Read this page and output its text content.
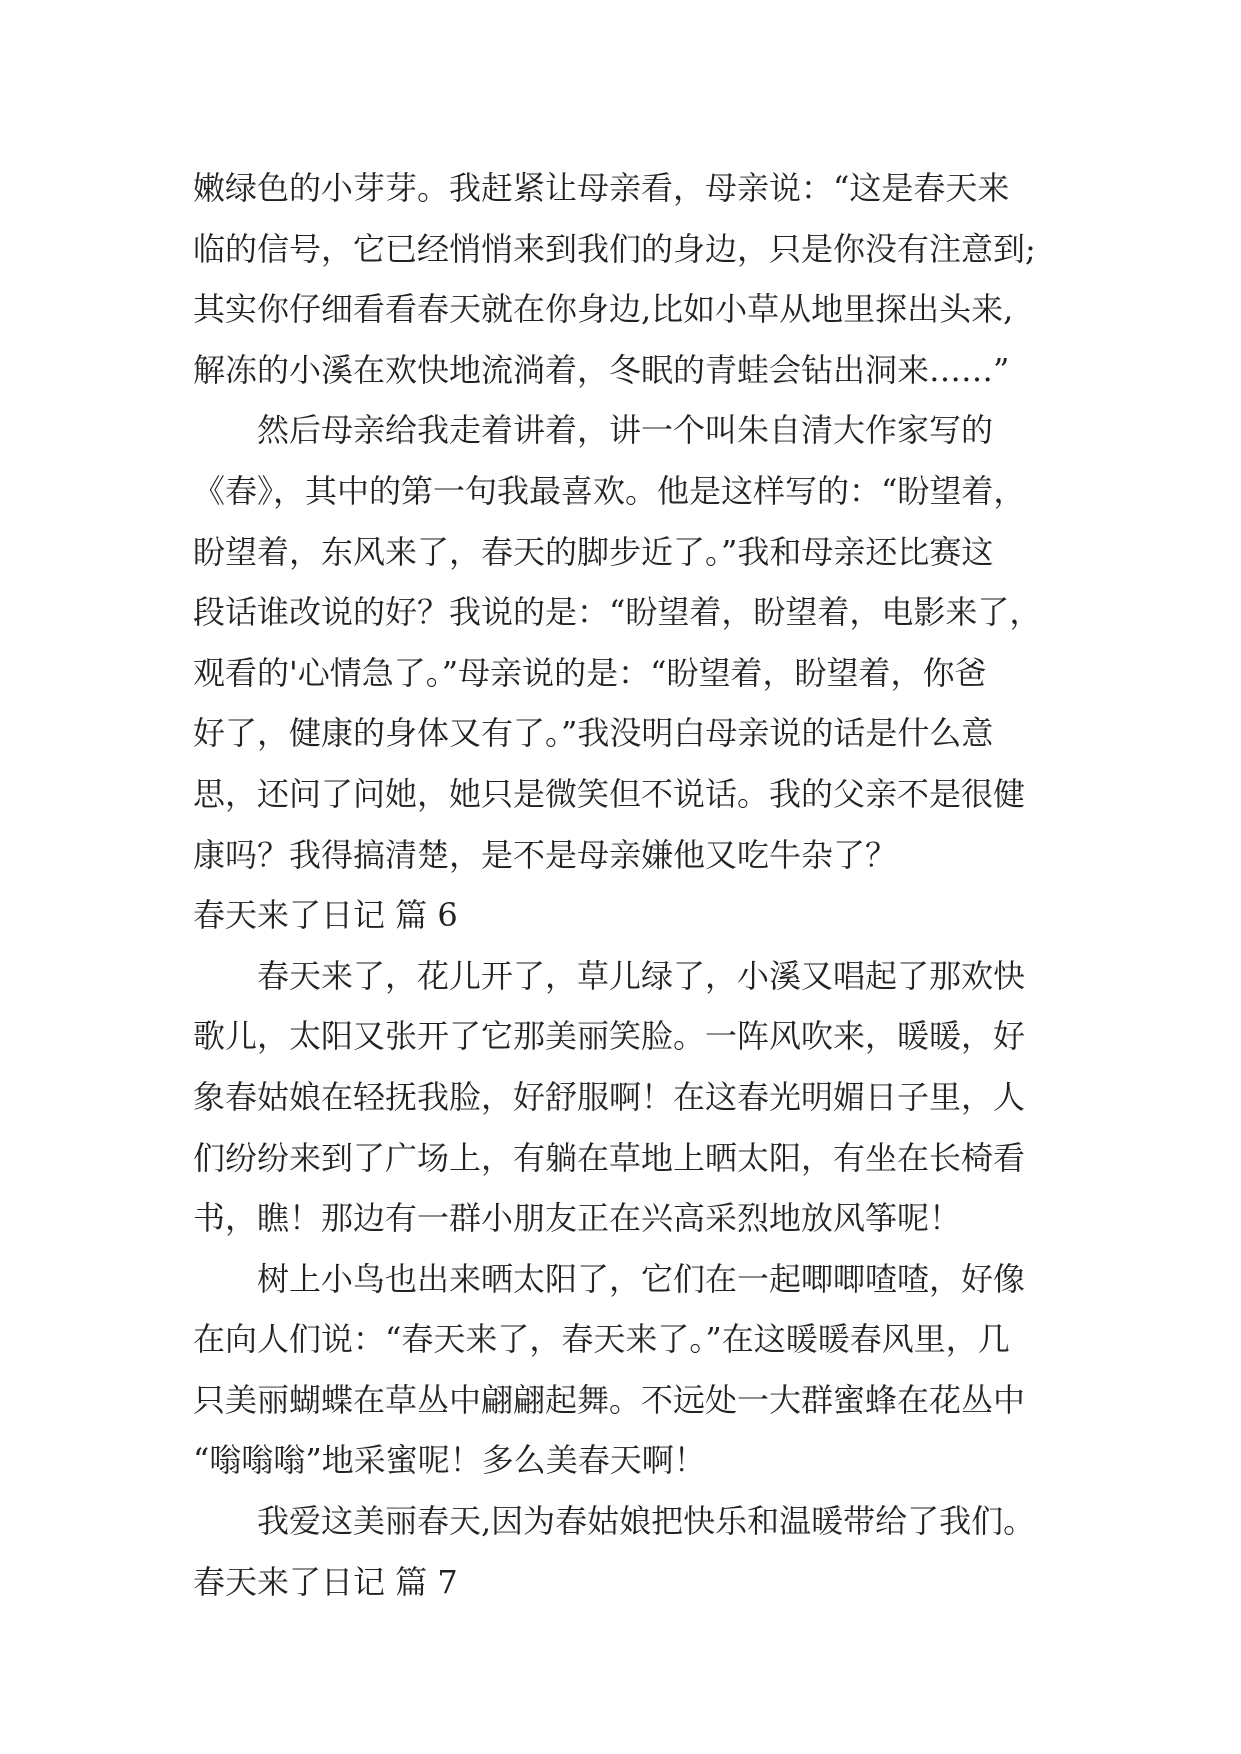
嫩绿色的小芽芽。我赶紧让母亲看，母亲说：“这是春天来
临的信号，它已经悄悄来到我们的身边，只是你没有注意到;
其实你仔细看看春天就在你身边,比如小草从地里探出头来,
解冻的小溪在欢快地流淌着，冬眠的青蛙会钻出洞来……”
然后母亲给我走着讲着，讲一个叫朱自清大作家写的
《春》，其中的第一句我最喜欢。他是这样写的：“盼望着，
盼望着，东风来了，春天的脚步近了。”我和母亲还比赛这
段话谁改说的好？我说的是：“盼望着，盼望着，电影来了，
观看的'心情急了。”母亲说的是：“盼望着，盼望着，你爸
好了，健康的身体又有了。”我没明白母亲说的话是什么意
思，还问了问她，她只是微笑但不说话。我的父亲不是很健
康吗？我得搞清楚，是不是母亲嫌他又吃牛杂了？
春天来了日记 篇 6
春天来了，花儿开了，草儿绿了，小溪又唱起了那欢快
歌儿，太阳又张开了它那美丽笑脸。一阵风吹来，暖暖，好
象春姑娘在轻抚我脸，好舒服啊！在这春光明媚日子里，人
们纷纷来到了广场上，有躺在草地上晒太阳，有坐在长椅看
书，瞧！那边有一群小朋友正在兴高采烈地放风筝呢！
树上小鸟也出来晒太阳了，它们在一起唧唧喳喳，好像
在向人们说：“春天来了，春天来了。”在这暖暖春风里，几
只美丽蝴蝶在草丛中翩翩起舞。不远处一大群蜜蜂在花丛中
“嗡嗡嗡”地采蜜呢！多么美春天啊！
我爱这美丽春天,因为春姑娘把快乐和温暖带给了我们。
春天来了日记 篇 7
